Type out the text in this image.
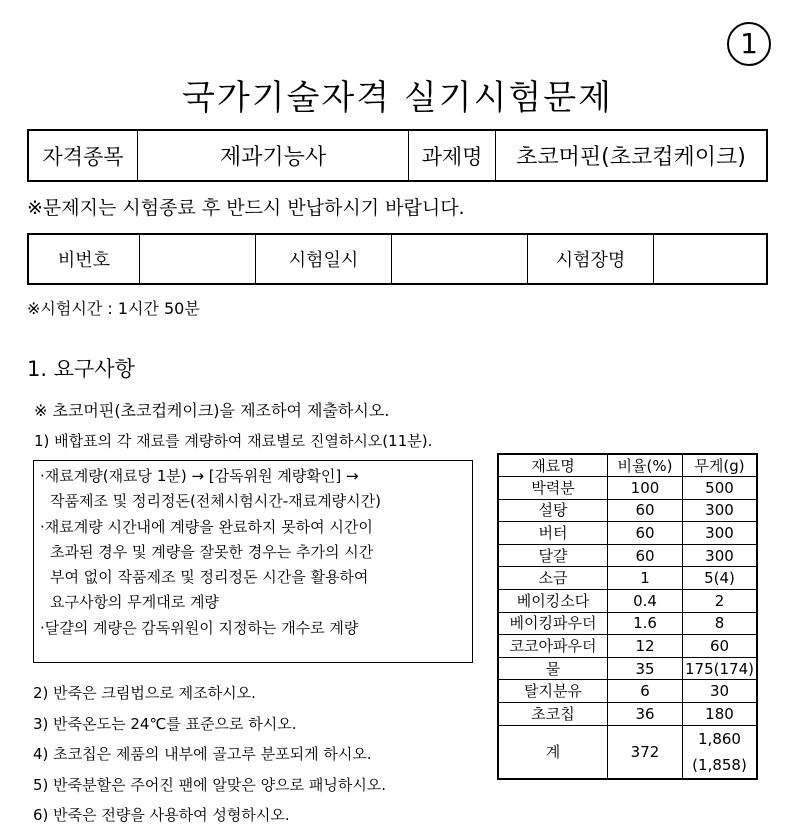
1
국가기술자격 실기시험문제
자격종목	제과기능사	과제명	초코머핀(초코컵케이크)
※문제지는 시험종료 후 반드시 반납하시기 바랍니다.
비번호		시험일시		시험장명	
※시험시간 : 1시간 50분
1. 요구사항
※ 초코머핀(초코컵케이크)을 제조하여 제출하시오.
1) 배합표의 각 재료를 계량하여 재료별로 진열하시오(11분).
·재료계량(재료당 1분) → [감독위원 계량확인] →
작품제조 및 정리정돈(전체시험시간-재료계량시간)
·재료계량 시간내에 계량을 완료하지 못하여 시간이
초과된 경우 및 계량을 잘못한 경우는 추가의 시간
부여 없이 작품제조 및 정리정돈 시간을 활용하여
요구사항의 무게대로 계량
·달걀의 계량은 감독위원이 지정하는 개수로 계량
2) 반죽은 크림법으로 제조하시오.
3) 반죽온도는 24℃를 표준으로 하시오.
4) 초코칩은 제품의 내부에 골고루 분포되게 하시오.
5) 반죽분할은 주어진 팬에 알맞은 양으로 패닝하시오.
6) 반죽은 전량을 사용하여 성형하시오.
재료명	비율(%)	무게(g)
박력분	100	500
설탕	60	300
버터	60	300
달걀	60	300
소금	1	5(4)
베이킹소다	0.4	2
베이킹파우더	1.6	8
코코아파우더	12	60
물	35	175(174)
탈지분유	6	30
초코칩	36	180
계	372	1,860
(1,858)
